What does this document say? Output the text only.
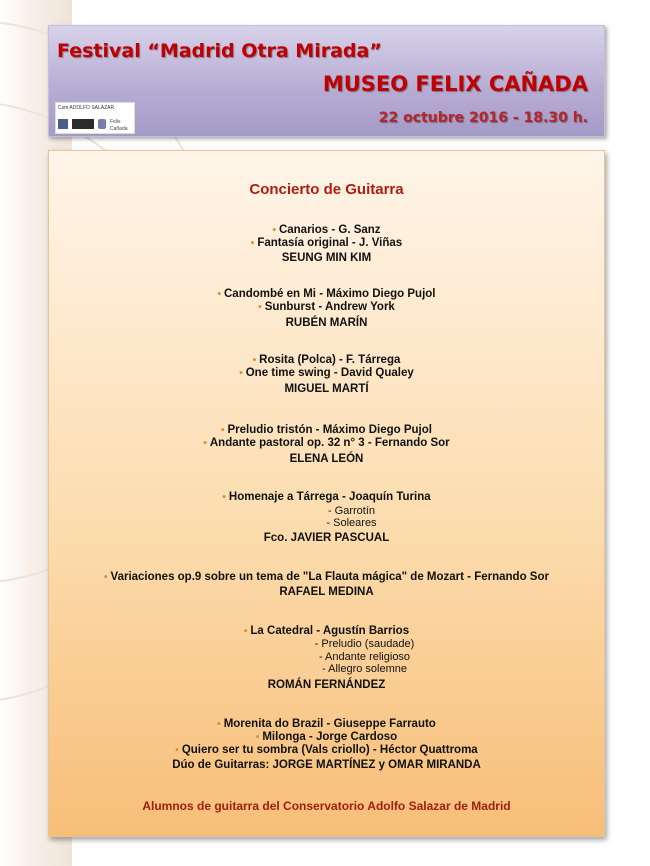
Festival “Madrid Otra Mirada”
MUSEO FELIX CAÑADA
22 octubre 2016 - 18.30 h.
Csm ADOLFO SALAZAR
Felix Cañada
Concierto de Guitarra
• Canarios - G. Sanz
• Fantasía original - J. Viñas
SEUNG MIN KIM
• Candombé en Mi - Máximo Diego Pujol
• Sunburst - Andrew York
RUBÉN MARÍN
• Rosita (Polca) - F. Tárrega
• One time swing - David Qualey
MIGUEL MARTÍ
• Preludio tristón - Máximo Diego Pujol
• Andante pastoral op. 32 n° 3 - Fernando Sor
ELENA LEÓN
• Homenaje a Tárrega - Joaquín Turina
- Garrotín
- Soleares
Fco. JAVIER PASCUAL
• Variaciones op.9 sobre un tema de "La Flauta mágica" de Mozart - Fernando Sor
RAFAEL MEDINA
• La Catedral - Agustín Barrios
- Preludio (saudade)
- Andante religioso
- Allegro solemne
ROMÁN FERNÁNDEZ
• Morenita do Brazil - Giuseppe Farrauto
• Milonga - Jorge Cardoso
• Quiero ser tu sombra (Vals criollo) - Héctor Quattroma
Dúo de Guitarras: JORGE MARTÍNEZ y OMAR MIRANDA
Alumnos de guitarra del Conservatorio Adolfo Salazar de Madrid
